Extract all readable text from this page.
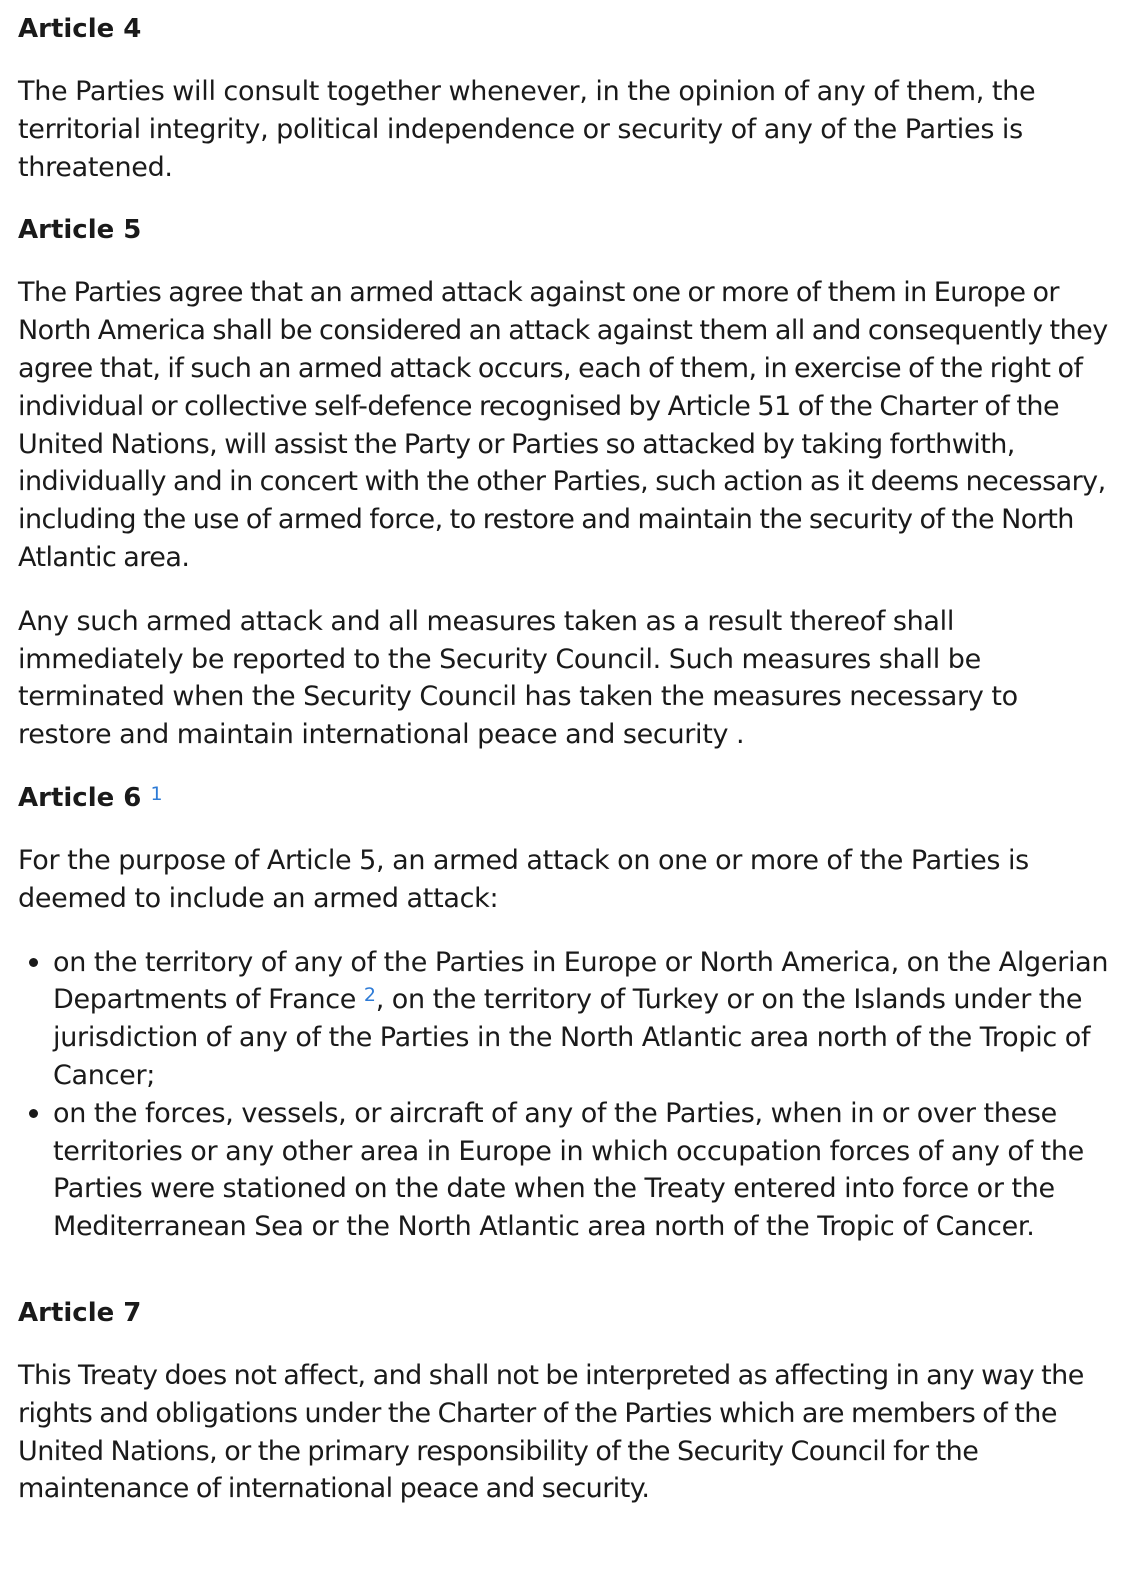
Article 4

The Parties will consult together whenever, in the opinion of any of them, the territorial integrity, political independence or security of any of the Parties is threatened.

Article 5

The Parties agree that an armed attack against one or more of them in Europe or North America shall be considered an attack against them all and consequently they agree that, if such an armed attack occurs, each of them, in exercise of the right of individual or collective self-defence recognised by Article 51 of the Charter of the United Nations, will assist the Party or Parties so attacked by taking forthwith, individually and in concert with the other Parties, such action as it deems necessary, including the use of armed force, to restore and maintain the security of the North Atlantic area.

Any such armed attack and all measures taken as a result thereof shall immediately be reported to the Security Council. Such measures shall be terminated when the Security Council has taken the measures necessary to restore and maintain international peace and security .

Article 6 $^1$

For the purpose of Article 5, an armed attack on one or more of the Parties is deemed to include an armed attack:

on the territory of any of the Parties in Europe or North America, on the Algerian Departments of France $^2$, on the territory of Turkey or on the Islands under the jurisdiction of any of the Parties in the North Atlantic area north of the Tropic of Cancer;
on the forces, vessels, or aircraft of any of the Parties, when in or over these territories or any other area in Europe in which occupation forces of any of the Parties were stationed on the date when the Treaty entered into force or the Mediterranean Sea or the North Atlantic area north of the Tropic of Cancer.
Article 7

This Treaty does not affect, and shall not be interpreted as affecting in any way the rights and obligations under the Charter of the Parties which are members of the United Nations, or the primary responsibility of the Security Council for the maintenance of international peace and security.
